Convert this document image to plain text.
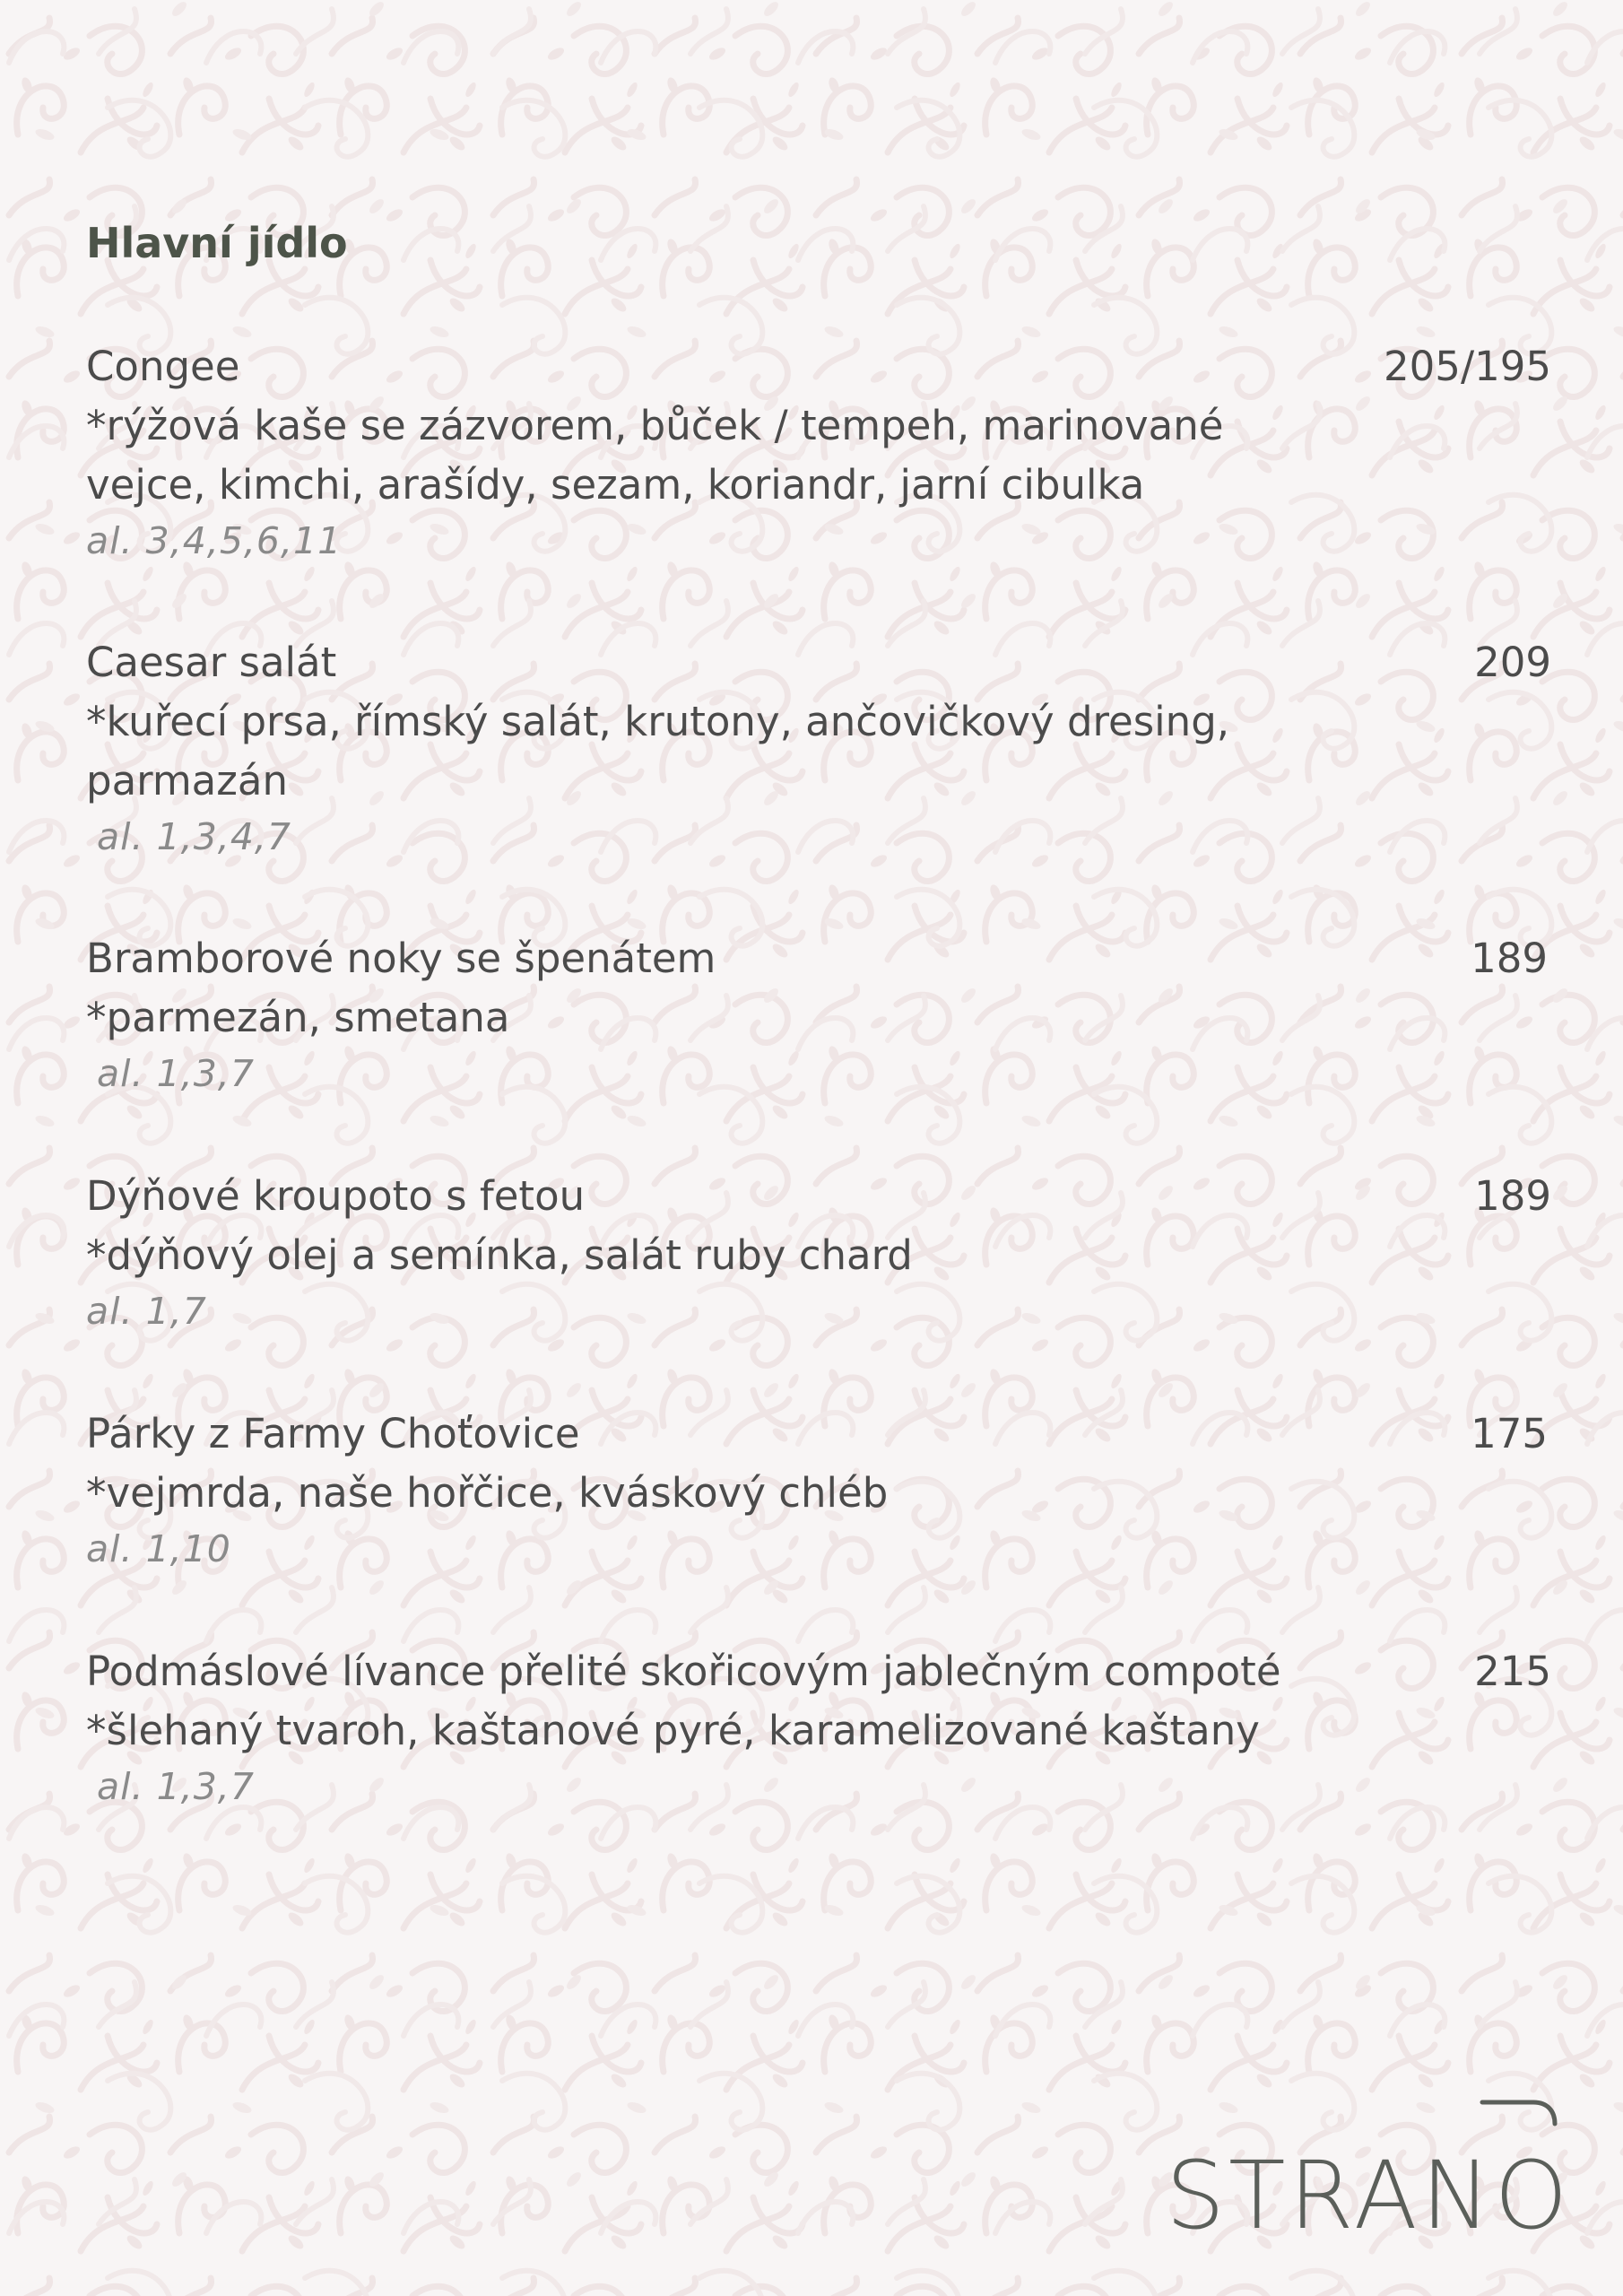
Hlavní jídlo
Congee	205/195
*rýžová kaše se zázvorem, bůček / tempeh, marinované vejce, kimchi, arašídy, sezam, koriandr, jarní cibulka
al. 3,4,5,6,11
Caesar salát	209
*kuřecí prsa, římský salát, krutony, ančovičkový dresing, parmazán
al. 1,3,4,7
Bramborové noky se špenátem	189
*parmezán, smetana
al. 1,3,7
Dýňové kroupoto s fetou	189
*dýňový olej a semínka, salát ruby chard
al. 1,7
Párky z Farmy Choťovice	175
*vejmrda, naše hořčice, kváskový chléb
al. 1,10
Podmáslové lívance přelité skořicovým jablečným compoté	215
*šlehaný tvaroh, kaštanové pyré, karamelizované kaštany
al. 1,3,7
STRANO
